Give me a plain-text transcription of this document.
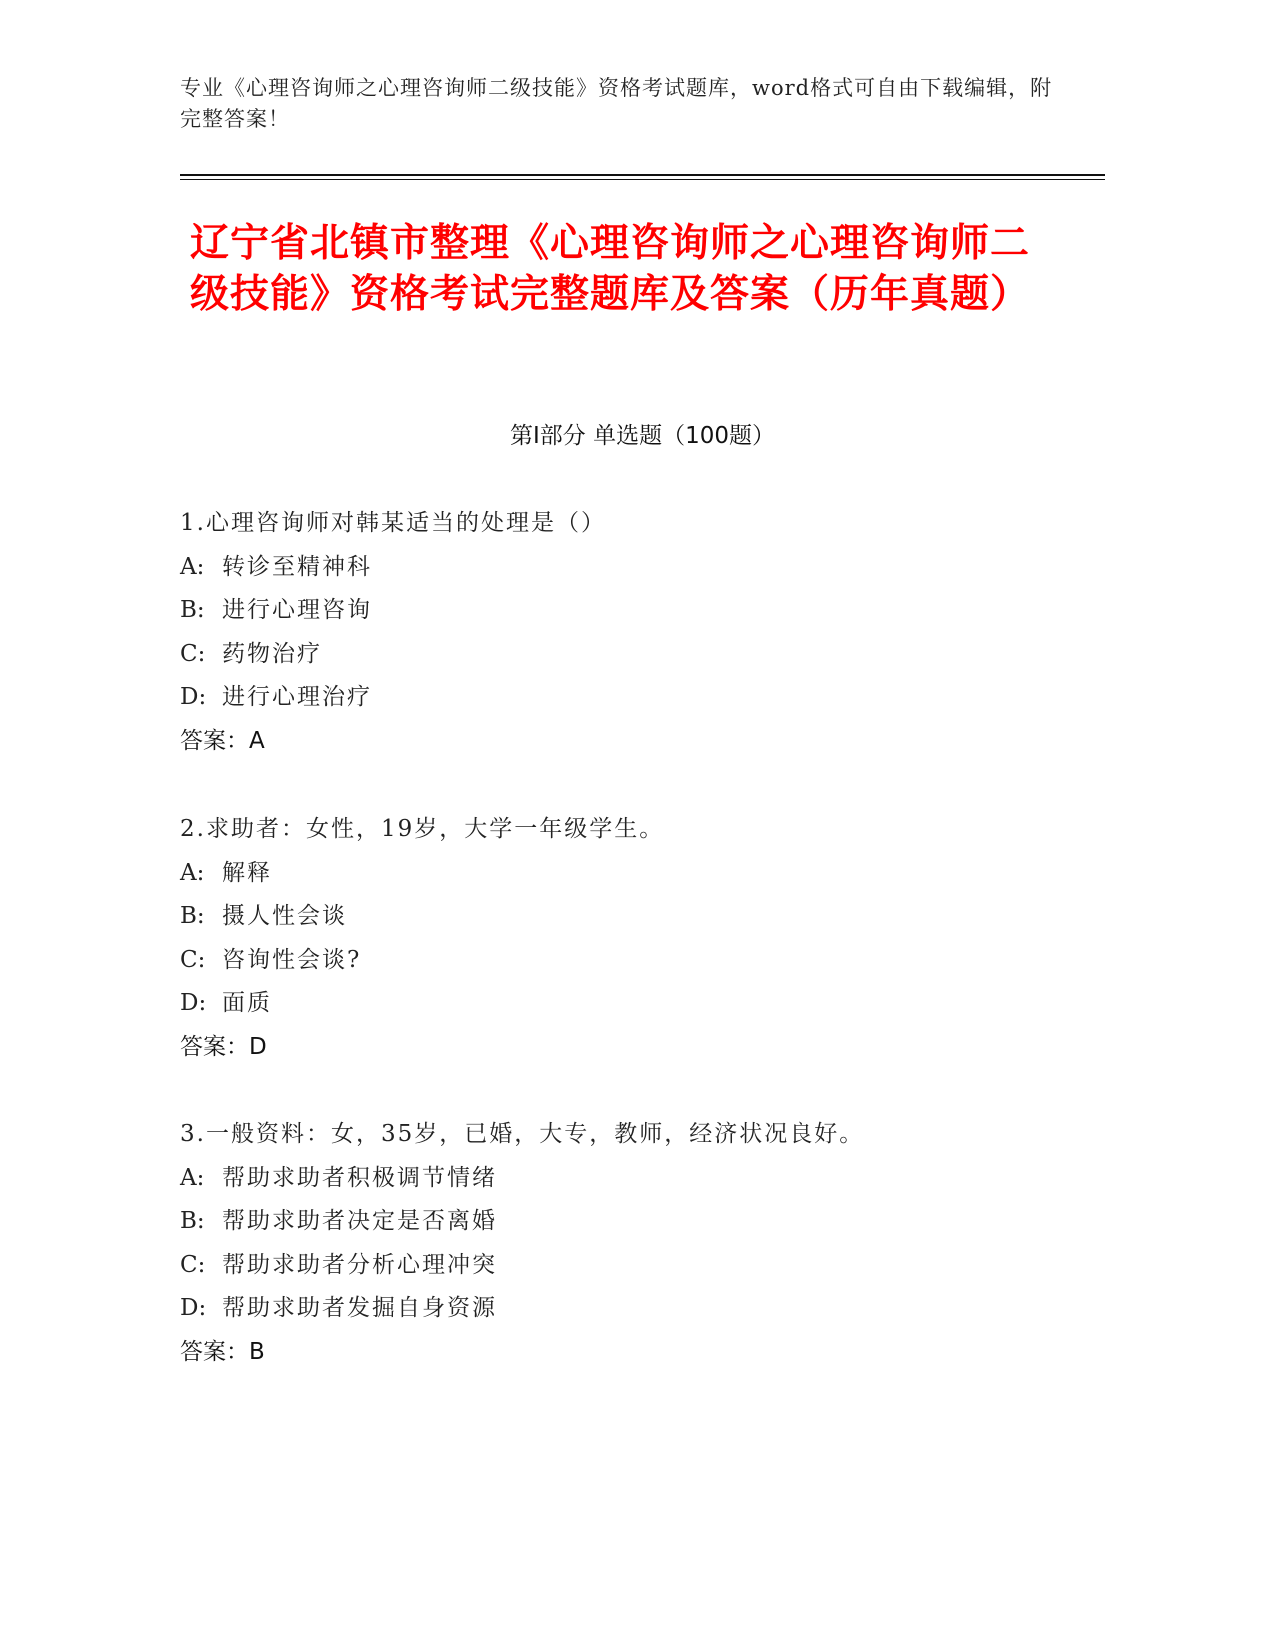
专业《心理咨询师之心理咨询师二级技能》资格考试题库，word格式可自由下载编辑，附完整答案！
辽宁省北镇市整理《心理咨询师之心理咨询师二级技能》资格考试完整题库及答案（历年真题）
第Ⅰ部分 单选题（100题）
1.心理咨询师对韩某适当的处理是（）
A: 转诊至精神科
B: 进行心理咨询
C: 药物治疗
D: 进行心理治疗
答案：A
2.求助者：女性，19岁，大学一年级学生。
A: 解释
B: 摄人性会谈
C: 咨询性会谈?
D: 面质
答案：D
3.一般资料：女，35岁，已婚，大专，教师，经济状况良好。
A: 帮助求助者积极调节情绪
B: 帮助求助者决定是否离婚
C: 帮助求助者分析心理冲突
D: 帮助求助者发掘自身资源
答案：B
